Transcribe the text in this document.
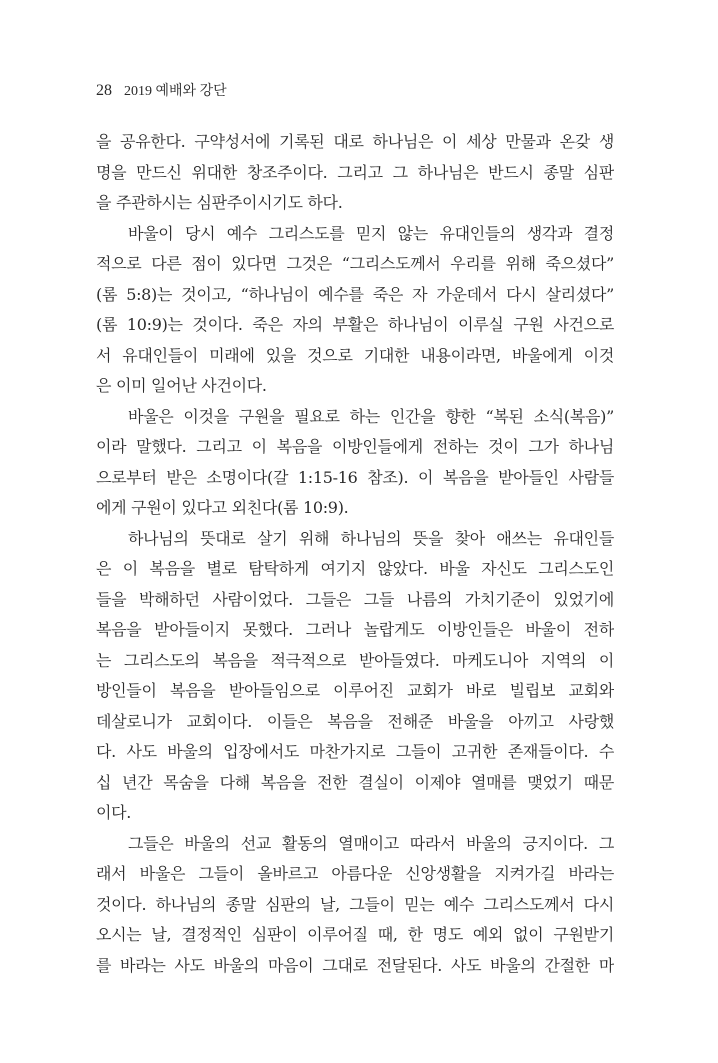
28 2019 예배와 강단
을 공유한다. 구약성서에 기록된 대로 하나님은 이 세상 만물과 온갖 생
명을 만드신 위대한 창조주이다. 그리고 그 하나님은 반드시 종말 심판
을 주관하시는 심판주이시기도 하다.
바울이 당시 예수 그리스도를 믿지 않는 유대인들의 생각과 결정
적으로 다른 점이 있다면 그것은 “그리스도께서 우리를 위해 죽으셨다”
(롬 5:8)는 것이고, “하나님이 예수를 죽은 자 가운데서 다시 살리셨다”
(롬 10:9)는 것이다. 죽은 자의 부활은 하나님이 이루실 구원 사건으로
서 유대인들이 미래에 있을 것으로 기대한 내용이라면, 바울에게 이것
은 이미 일어난 사건이다.
바울은 이것을 구원을 필요로 하는 인간을 향한 “복된 소식(복음)”
이라 말했다. 그리고 이 복음을 이방인들에게 전하는 것이 그가 하나님
으로부터 받은 소명이다(갈 1:15-16 참조). 이 복음을 받아들인 사람들
에게 구원이 있다고 외친다(롬 10:9).
하나님의 뜻대로 살기 위해 하나님의 뜻을 찾아 애쓰는 유대인들
은 이 복음을 별로 탐탁하게 여기지 않았다. 바울 자신도 그리스도인
들을 박해하던 사람이었다. 그들은 그들 나름의 가치기준이 있었기에
복음을 받아들이지 못했다. 그러나 놀랍게도 이방인들은 바울이 전하
는 그리스도의 복음을 적극적으로 받아들였다. 마케도니아 지역의 이
방인들이 복음을 받아들임으로 이루어진 교회가 바로 빌립보 교회와
데살로니가 교회이다. 이들은 복음을 전해준 바울을 아끼고 사랑했
다. 사도 바울의 입장에서도 마찬가지로 그들이 고귀한 존재들이다. 수
십 년간 목숨을 다해 복음을 전한 결실이 이제야 열매를 맺었기 때문
이다.
그들은 바울의 선교 활동의 열매이고 따라서 바울의 긍지이다. 그
래서 바울은 그들이 올바르고 아름다운 신앙생활을 지켜가길 바라는
것이다. 하나님의 종말 심판의 날, 그들이 믿는 예수 그리스도께서 다시
오시는 날, 결정적인 심판이 이루어질 때, 한 명도 예외 없이 구원받기
를 바라는 사도 바울의 마음이 그대로 전달된다. 사도 바울의 간절한 마
